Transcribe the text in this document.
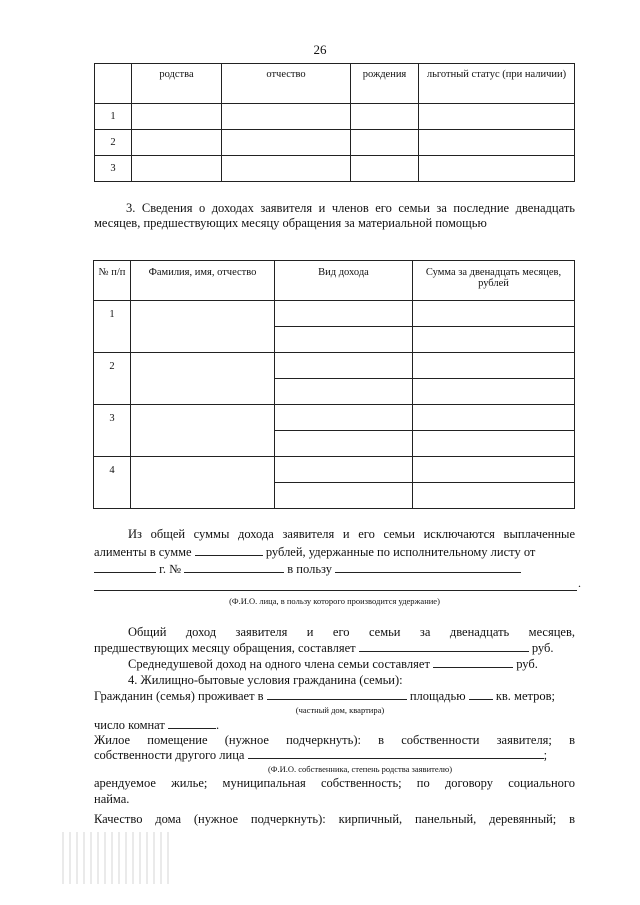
26
	родства	отчество	рождения	льготный статус (при наличии)
1				
2				
3				
3. Сведения о доходах заявителя и членов его семьи за последние двенадцать месяцев, предшествующих месяцу обращения за материальной помощью
№ п/п	Фамилия, имя, отчество	Вид дохода	Сумма за двенадцать месяцев, рублей
1			

2			

3			

4			

Из общей суммы дохода заявителя и его семьи исключаются выплаченные
алименты в сумме	рублей, удержанные по исполнительному листу от
г. №	в пользу
.
(Ф.И.О. лица, в пользу которого производится удержание)
Общий доход заявителя и его семьи за двенадцать месяцев,
предшествующих месяцу обращения, составляет	руб.
Среднедушевой доход на одного члена семьи составляет	руб.
4. Жилищно-бытовые условия гражданина (семьи):
Гражданин (семья) проживает в	площадью кв. метров;
(частный дом, квартира)
число комнат	.
Жилое помещение (нужное подчеркнуть): в собственности заявителя; в
собственности другого лица	;
(Ф.И.О. собственника, степень родства заявителю)
арендуемое жилье; муниципальная собственность; по договору социального
найма.
Качество дома (нужное подчеркнуть): кирпичный, панельный, деревянный; в
